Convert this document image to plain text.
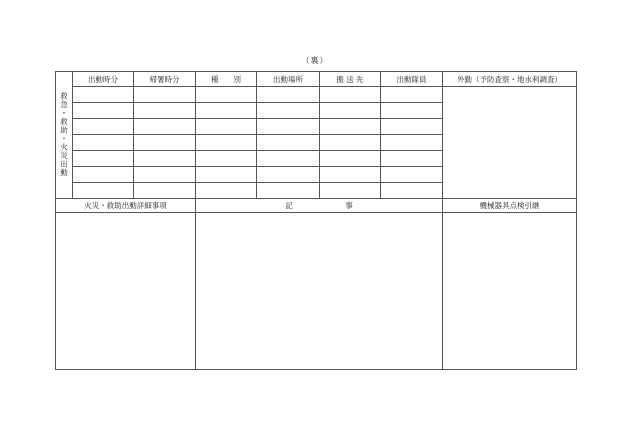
（裏）
救急・救助・火災出動	出動時分	帰署時分	種　　別	出動場所	搬 送 先	出動隊員	外勤（予防査察・地水利調査）

火災・救助出動詳細事項			記　　　　　　　事				機械器具点検引継
